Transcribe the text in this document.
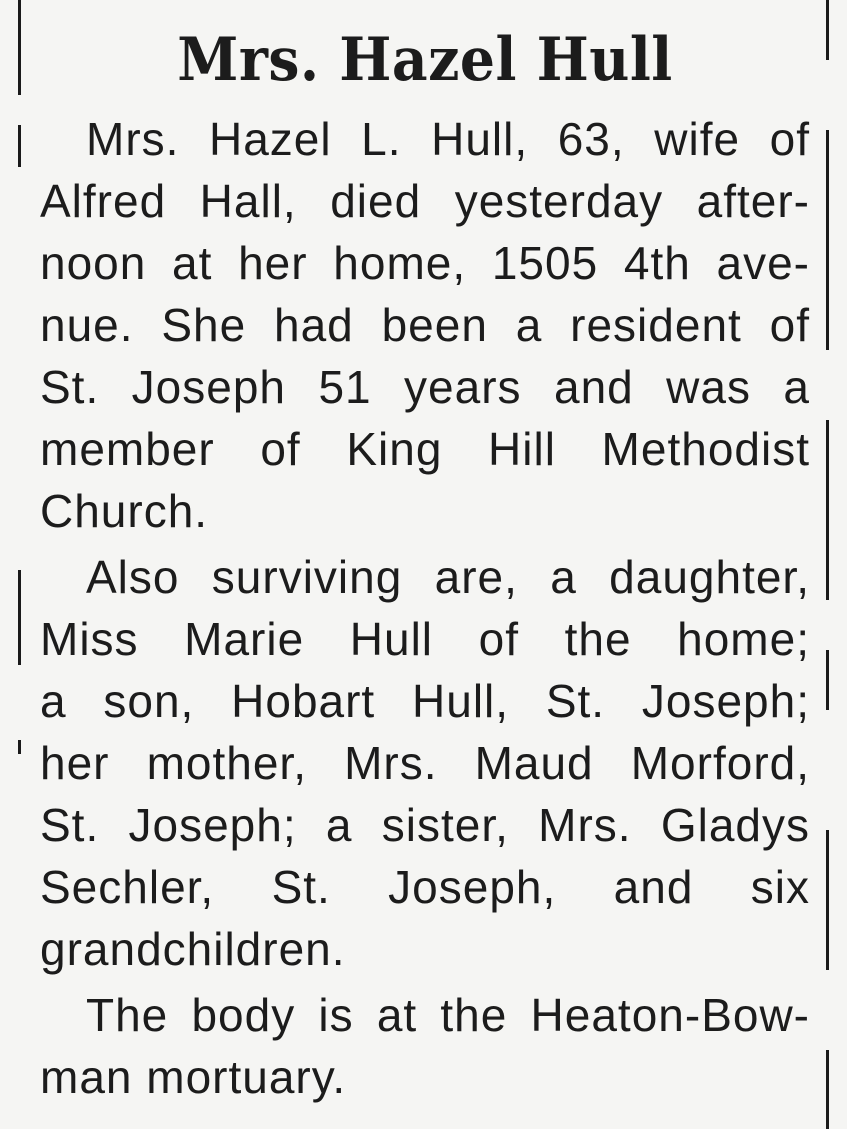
Mrs. Hazel Hull
Mrs. Hazel L. Hull, 63, wife of
Alfred Hall, died yesterday after-
noon at her home, 1505 4th ave-
nue. She had been a resident of
St. Joseph 51 years and was a
member of King Hill Methodist
Church.
Also surviving are, a daughter,
Miss Marie Hull of the home;
a son, Hobart Hull, St. Joseph;
her mother, Mrs. Maud Morford,
St. Joseph; a sister, Mrs. Gladys
Sechler, St. Joseph, and six
grandchildren.
The body is at the Heaton-Bow-
man mortuary.
